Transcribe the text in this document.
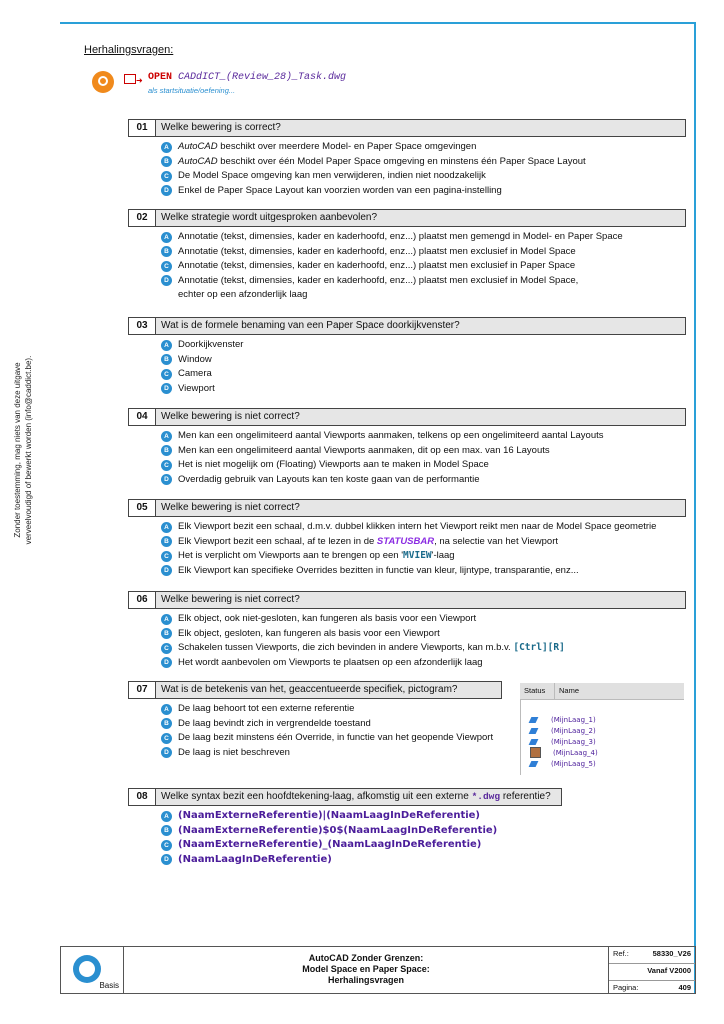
Zonder toestemming, mag niets van deze uitgave verveelvoudigd of bewerkt worden (info@caddict.be).
Herhalingsvragen:
➜ OPEN CADdICT_(Review_28)_Task.dwg
als startsituatie/oefening...
01	Welke bewering is correct?
A AutoCAD beschikt over meerdere Model- en Paper Space omgevingen
B AutoCAD beschikt over één Model Paper Space omgeving en minstens één Paper Space Layout
C De Model Space omgeving kan men verwijderen, indien niet noodzakelijk
D Enkel de Paper Space Layout kan voorzien worden van een pagina-instelling
02	Welke strategie wordt uitgesproken aanbevolen?
A Annotatie (tekst, dimensies, kader en kaderhoofd, enz...) plaatst men gemengd in Model- en Paper Space
B Annotatie (tekst, dimensies, kader en kaderhoofd, enz...) plaatst men exclusief in Model Space
C Annotatie (tekst, dimensies, kader en kaderhoofd, enz...) plaatst men exclusief in Paper Space
D Annotatie (tekst, dimensies, kader en kaderhoofd, enz...) plaatst men exclusief in Model Space,
echter op een afzonderlijk laag
03	Wat is de formele benaming van een Paper Space doorkijkvenster?
A Doorkijkvenster
B Window
C Camera
D Viewport
04	Welke bewering is niet correct?
A Men kan een ongelimiteerd aantal Viewports aanmaken, telkens op een ongelimiteerd aantal Layouts
B Men kan een ongelimiteerd aantal Viewports aanmaken, dit op een max. van 16 Layouts
C Het is niet mogelijk om (Floating) Viewports aan te maken in Model Space
D Overdadig gebruik van Layouts kan ten koste gaan van de performantie
05	Welke bewering is niet correct?
A Elk Viewport bezit een schaal, d.m.v. dubbel klikken intern het Viewport reikt men naar de Model Space geometrie
B Elk Viewport bezit een schaal, af te lezen in de STATUSBAR, na selectie van het Viewport
C Het is verplicht om Viewports aan te brengen op een 'MVIEW'-laag
D Elk Viewport kan specifieke Overrides bezitten in functie van kleur, lijntype, transparantie, enz...
06	Welke bewering is niet correct?
A Elk object, ook niet-gesloten, kan fungeren als basis voor een Viewport
B Elk object, gesloten, kan fungeren als basis voor een Viewport
C Schakelen tussen Viewports, die zich bevinden in andere Viewports, kan m.b.v. [Ctrl][R]
D Het wordt aanbevolen om Viewports te plaatsen op een afzonderlijk laag
07	Wat is de betekenis van het, geaccentueerde specifiek, pictogram?
A De laag behoort tot een externe referentie
B De laag bevindt zich in vergrendelde toestand
C De laag bezit minstens één Override, in functie van het geopende Viewport
D De laag is niet beschreven
Status	Name
(MijnLaag_1)
(MijnLaag_2)
(MijnLaag_3)
(MijnLaag_4)
(MijnLaag_5)
08	Welke syntax bezit een hoofdtekening-laag, afkomstig uit een externe *.dwg referentie?
A (NaamExterneReferentie)|(NaamLaagInDeReferentie)
B (NaamExterneReferentie)$0$(NaamLaagInDeReferentie)
C (NaamExterneReferentie)_(NaamLaagInDeReferentie)
D (NaamLaagInDeReferentie)
Basis
AutoCAD Zonder Grenzen:
Model Space en Paper Space:
Herhalingsvragen
Ref.:	58330_V26
Vanaf V2000
Pagina:	409
